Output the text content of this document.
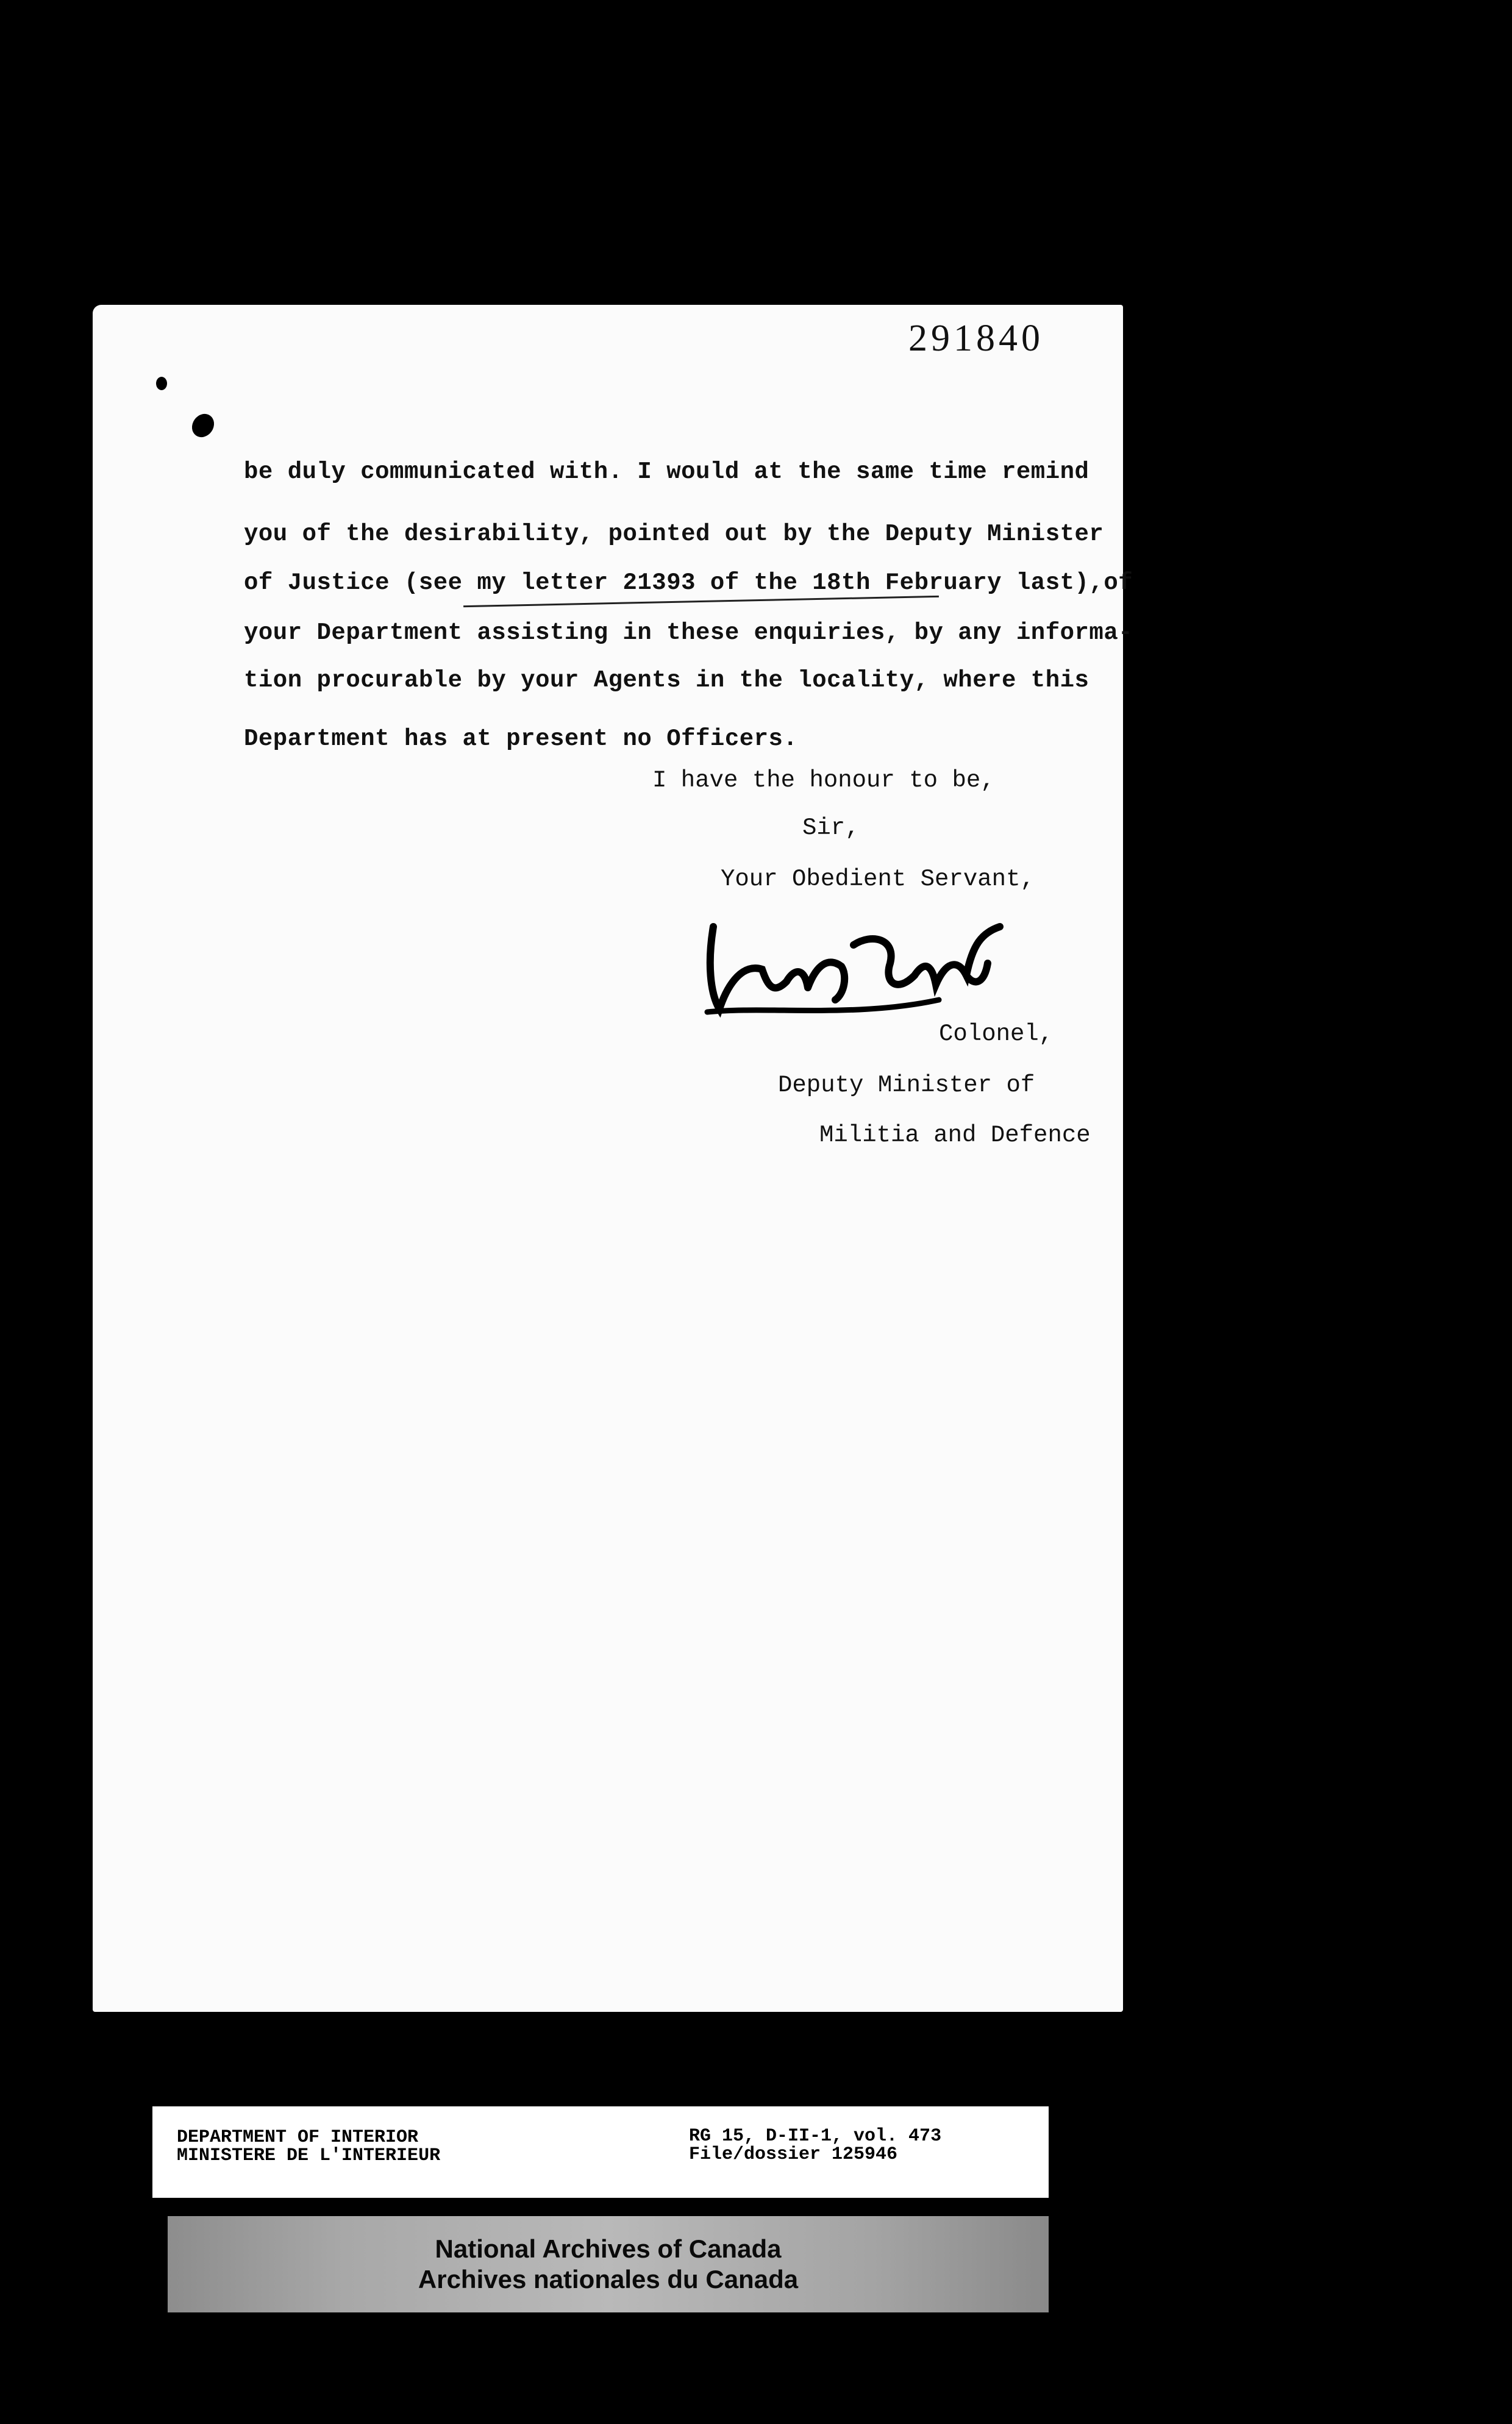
291840
be duly communicated with. I would at the same time remind
you of the desirability, pointed out by the Deputy Minister
of Justice (see my letter 21393 of the 18th February last),of
your Department assisting in these enquiries, by any informa-
tion procurable by your Agents in the locality, where this
Department has at present no Officers.
I have the honour to be,
Sir,
Your Obedient Servant,
Colonel,
Deputy Minister of
Militia and Defence
DEPARTMENT OF INTERIOR
MINISTERE DE L'INTERIEUR
RG 15, D-II-1, vol. 473
File/dossier 125946
National Archives of Canada
Archives nationales du Canada
